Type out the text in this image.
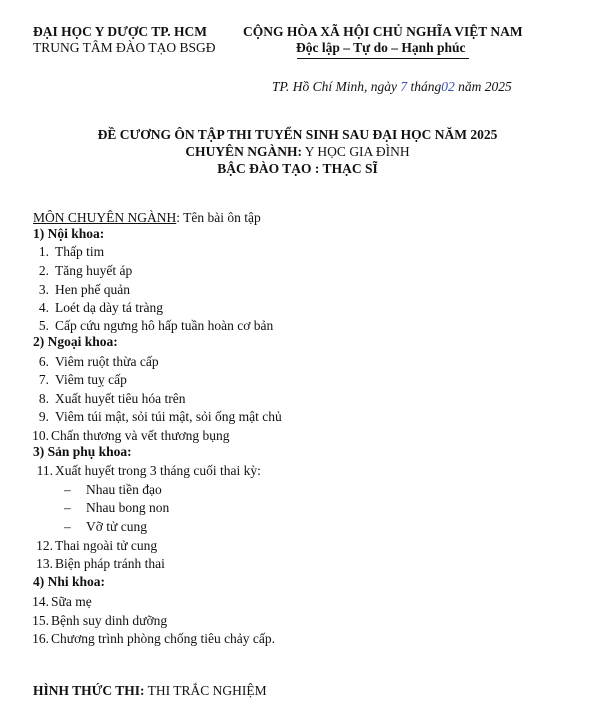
ĐẠI HỌC Y DƯỢC TP. HCM
TRUNG TÂM ĐÀO TẠO BSGĐ
CỘNG HÒA XÃ HỘI CHỦ NGHĨA VIỆT NAM
Độc lập – Tự do – Hạnh phúc
TP. Hồ Chí Minh, ngày 7 tháng02 năm 2025
ĐỀ CƯƠNG ÔN TẬP THI TUYỂN SINH SAU ĐẠI HỌC NĂM 2025
CHUYÊN NGÀNH: Y HỌC GIA ĐÌNH
BẬC ĐÀO TẠO : THẠC SĨ
MÔN CHUYÊN NGÀNH: Tên bài ôn tập
1) Nội khoa:
1. Thấp tim
2. Tăng huyết áp
3. Hen phế quản
4. Loét dạ dày tá tràng
5. Cấp cứu ngưng hô hấp tuần hoàn cơ bản
2) Ngoại khoa:
6. Viêm ruột thừa cấp
7. Viêm tuỵ cấp
8. Xuất huyết tiêu hóa trên
9. Viêm túi mật, sỏi túi mật, sỏi ống mật chủ
10. Chấn thương và vết thương bụng
3) Sản phụ khoa:
11. Xuất huyết trong 3 tháng cuối thai kỳ:
– Nhau tiền đạo
– Nhau bong non
– Vỡ tử cung
12. Thai ngoài tử cung
13. Biện pháp tránh thai
4) Nhi khoa:
14. Sữa mẹ
15. Bệnh suy dinh dưỡng
16. Chương trình phòng chống tiêu chảy cấp.
HÌNH THỨC THI: THI TRẮC NGHIỆM
